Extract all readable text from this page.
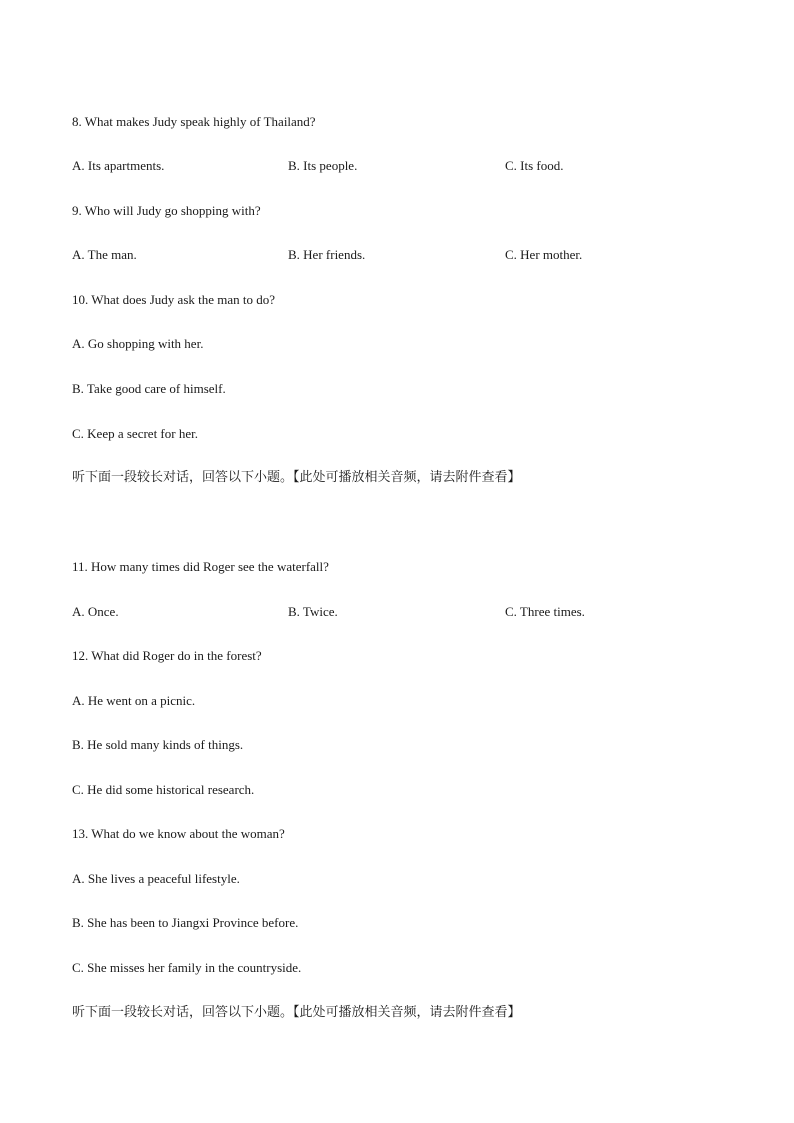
8. What makes Judy speak highly of Thailand?
A. Its apartments.	B. Its people.	C. Its food.
9. Who will Judy go shopping with?
A. The man.	B. Her friends.	C. Her mother.
10. What does Judy ask the man to do?
A. Go shopping with her.
B. Take good care of himself.
C. Keep a secret for her.
听下面一段较长对话，回答以下小题。【此处可播放相关音频，请去附件查看】
11. How many times did Roger see the waterfall?
A. Once.	B. Twice.	C. Three times.
12. What did Roger do in the forest?
A. He went on a picnic.
B. He sold many kinds of things.
C. He did some historical research.
13. What do we know about the woman?
A. She lives a peaceful lifestyle.
B. She has been to Jiangxi Province before.
C. She misses her family in the countryside.
听下面一段较长对话，回答以下小题。【此处可播放相关音频，请去附件查看】
